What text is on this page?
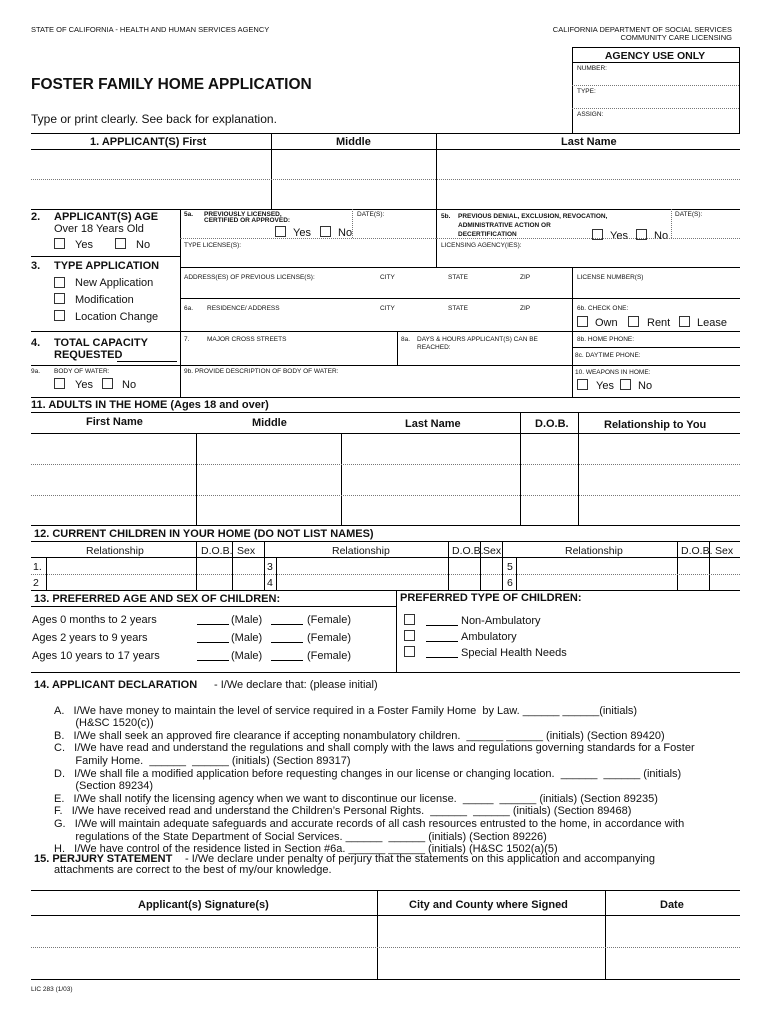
STATE OF CALIFORNIA - HEALTH AND HUMAN SERVICES AGENCY	CALIFORNIA DEPARTMENT OF SOCIAL SERVICES
COMMUNITY CARE LICENSING
AGENCY USE ONLY
NUMBER:
TYPE:
ASSIGN:
FOSTER FAMILY HOME APPLICATION
Type or print clearly. See back for explanation.
1. APPLICANT(S) First	Middle	Last Name
2. APPLICANT(S) AGE
Over 18 Years Old
Yes	No
3. TYPE APPLICATION
New Application
Modification
Location Change
4. TOTAL CAPACITY
REQUESTED
5a. PREVIOUSLY LICENSED,
CERTIFIED OR APPROVED:
DATE(S):
Yes No
TYPE LICENSE(S):
5b. PREVIOUS DENIAL, EXCLUSION, REVOCATION,
ADMINISTRATIVE ACTION OR
DECERTIFICATION
DATE(S):
Yes No
LICENSING AGENCY(IES):
ADDRESS(ES) OF PREVIOUS LICENSE(S):	CITY	STATE	ZIP	LICENSE NUMBER(S)
6a. RESIDENCE/ ADDRESS	CITY	STATE	ZIP	6b. CHECK ONE:
Own	Rent Lease
7.	MAJOR CROSS STREETS	8a. DAYS & HOURS APPLICANT(S) CAN BE
REACHED:
8b. HOME PHONE:
8c. DAYTIME PHONE:
9a. BODY OF WATER:
Yes	No
9b. PROVIDE DESCRIPTION OF BODY OF WATER:	10. WEAPONS IN HOME:
Yes No
11. ADULTS IN THE HOME (Ages 18 and over)
First Name	Middle	Last Name	D.O.B.	Relationship to You
12. CURRENT CHILDREN IN YOUR HOME (DO NOT LIST NAMES)
Relationship	D.O.B. Sex	Relationship	D.O.B. Sex	Relationship	D.O.B. Sex
1.
2
3
4
5
6
13. PREFERRED AGE AND SEX OF CHILDREN:	PREFERRED TYPE OF CHILDREN:
Ages 0 months to 2 years	(Male)	(Female)
Ages 2 years to 9 years	(Male)	(Female)
Ages 10 years to 17 years	(Male)	(Female)
Non-Ambulatory
Ambulatory
Special Health Needs
14. APPLICANT DECLARATION - I/We declare that: (please initial)

A.   I/We have money to maintain the level of service required in a Foster Family Home  by Law. ______ ______(initials)
(H&SC 1520(c))
B.   I/We shall seek an approved fire clearance if accepting nonambulatory children.  ______ ______ (initials) (Section 89420)
C.   I/We have read and understand the regulations and shall comply with the laws and regulations governing standards for a Foster
Family Home.  ______  ______ (initials) (Section 89317)
D.   I/We shall file a modified application before requesting changes in our license or changing location.  ______  ______ (initials)
(Section 89234)
E.   I/We shall notify the licensing agency when we want to discontinue our license.  _____  ______ (initials) (Section 89235)
F.   I/We have received read and understand the Children’s Personal Rights.  ______  ______ (initials) (Section 89468)
G.   I/We will maintain adequate safeguards and accurate records of all cash resources entrusted to the home, in accordance with
regulations of the State Department of Social Services. ______  ______ (initials) (Section 89226)
H.   I/We have control of the residence listed in Section #6a. ______ ______ (initials) (H&SC 1502(a)(5)

15. PERJURY STATEMENT - I/We declare under penalty of perjury that the statements on this application and accompanying
attachments are correct to the best of my/our knowledge.
Applicant(s) Signature(s)	City and County where Signed	Date
LIC 283 (1/03)
